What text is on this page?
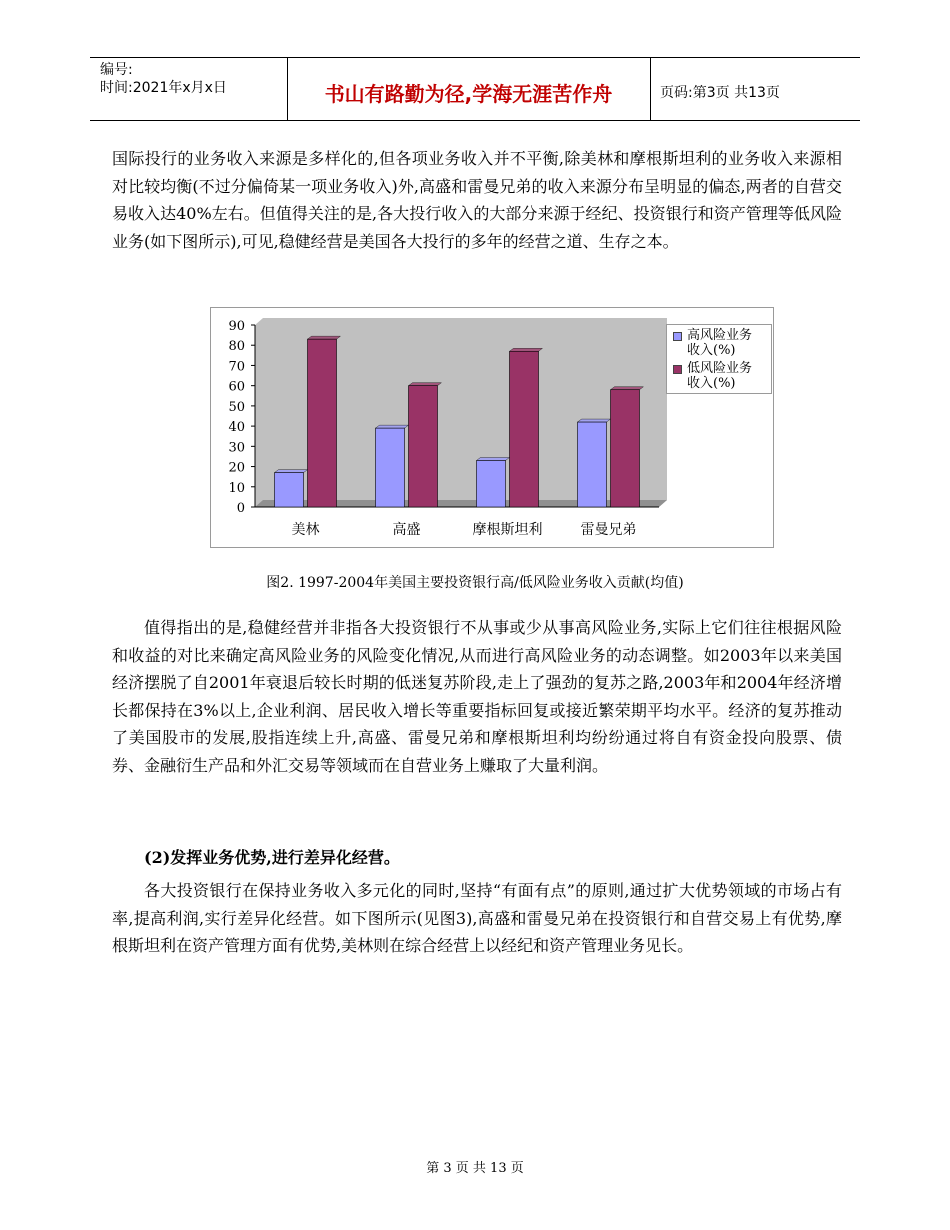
编号:
时间:2021年x月x日	书山有路勤为径,学海无涯苦作舟	页码:第3页 共13页
国际投行的业务收入来源是多样化的,但各项业务收入并不平衡,除美林和摩根斯坦利的业务收入来源相对比较均衡(不过分偏倚某一项业务收入)外,高盛和雷曼兄弟的收入来源分布呈明显的偏态,两者的自营交易收入达40%左右。但值得关注的是,各大投行收入的大部分来源于经纪、投资银行和资产管理等低风险业务(如下图所示),可见,稳健经营是美国各大投行的多年的经营之道、生存之本。
0
10
20
30
40
50
60
70
80
90
美林	高盛	摩根斯坦利	雷曼兄弟
高风险业务
收入(%)
低风险业务
收入(%)
图2. 1997-2004年美国主要投资银行高/低风险业务收入贡献(均值)
值得指出的是,稳健经营并非指各大投资银行不从事或少从事高风险业务,实际上它们往往根据风险和收益的对比来确定高风险业务的风险变化情况,从而进行高风险业务的动态调整。如2003年以来美国经济摆脱了自2001年衰退后较长时期的低迷复苏阶段,走上了强劲的复苏之路,2003年和2004年经济增长都保持在3%以上,企业利润、居民收入增长等重要指标回复或接近繁荣期平均水平。经济的复苏推动了美国股市的发展,股指连续上升,高盛、雷曼兄弟和摩根斯坦利均纷纷通过将自有资金投向股票、债券、金融衍生产品和外汇交易等领域而在自营业务上赚取了大量利润。
(2)发挥业务优势,进行差异化经营。
各大投资银行在保持业务收入多元化的同时,坚持“有面有点”的原则,通过扩大优势领域的市场占有率,提高利润,实行差异化经营。如下图所示(见图3),高盛和雷曼兄弟在投资银行和自营交易上有优势,摩根斯坦利在资产管理方面有优势,美林则在综合经营上以经纪和资产管理业务见长。
第 3 页 共 13 页
